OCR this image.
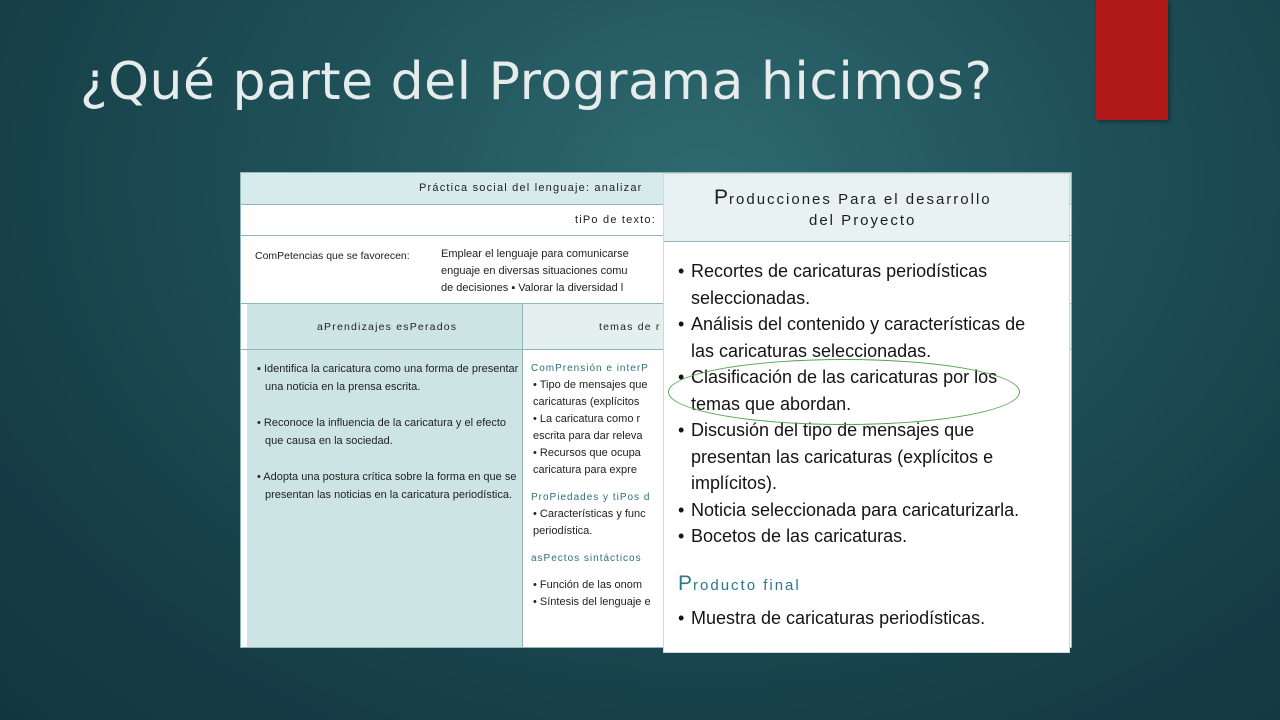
¿Qué parte del Programa hicimos?
Práctica social del lenguaje: analizar
tiPo de texto:
ComPetencias que se favorecen:	Emplear el lenguaje para comunicarse
enguaje en diversas situaciones comu
de decisiones ▪ Valorar la diversidad l
aPrendizajes esPerados	temas de r
▪ Identifica la caricatura como una forma de presentar una noticia en la prensa escrita.
• Reconoce la influencia de la caricatura y el efecto que causa en la sociedad.
• Adopta una postura crítica sobre la forma en que se presentan las noticias en la caricatura periodística.
ComPrensión e interP
• Tipo de mensajes que
caricaturas (explícitos
• La caricatura como r
escrita para dar releva
• Recursos que ocupa
caricatura para expre
ProPiedades y tiPos d
• Características y func
periodística.
asPectos sintácticos
• Función de las onom
• Síntesis del lenguaje e
Producciones Para el desarrollo
del Proyecto
• Recortes de caricaturas periodísticas
seleccionadas.
• Análisis del contenido y características de
las caricaturas seleccionadas.
• Clasificación de las caricaturas por los
temas que abordan.
• Discusión del tipo de mensajes que
presentan las caricaturas (explícitos e
implícitos).
• Noticia seleccionada para caricaturizarla.
• Bocetos de las caricaturas.
Producto final
• Muestra de caricaturas periodísticas.
